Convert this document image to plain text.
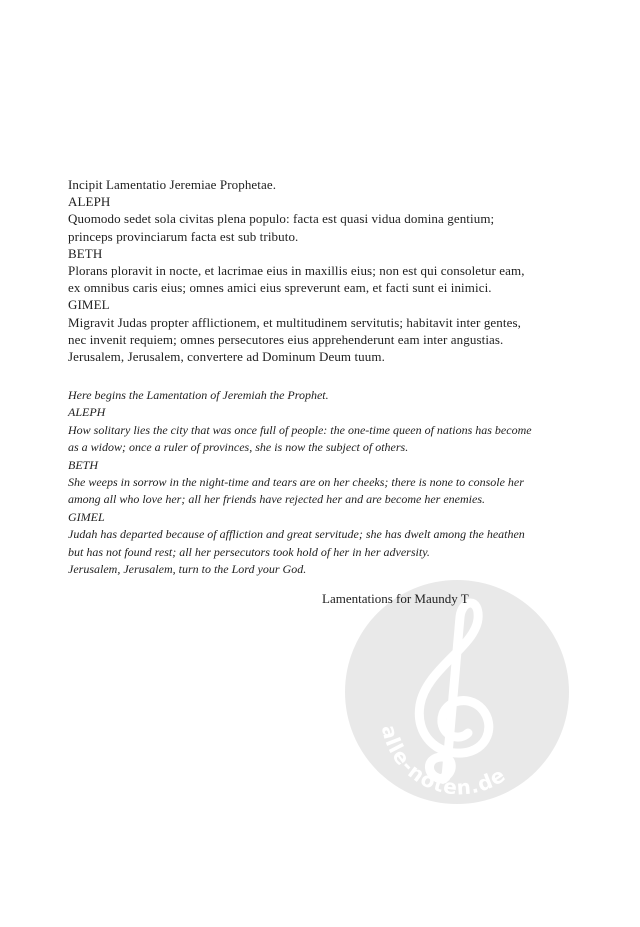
Incipit Lamentatio Jeremiae Prophetae.
ALEPH
Quomodo sedet sola civitas plena populo: facta est quasi vidua domina gentium;
princeps provinciarum facta est sub tributo.
BETH
Plorans ploravit in nocte, et lacrimae eius in maxillis eius; non est qui consoletur eam,
ex omnibus caris eius; omnes amici eius spreverunt eam, et facti sunt ei inimici.
GIMEL
Migravit Judas propter afflictionem, et multitudinem servitutis; habitavit inter gentes,
nec invenit requiem; omnes persecutores eius apprehenderunt eam inter angustias.
Jerusalem, Jerusalem, convertere ad Dominum Deum tuum.
Here begins the Lamentation of Jeremiah the Prophet.
ALEPH
How solitary lies the city that was once full of people: the one-time queen of nations has become
as a widow; once a ruler of provinces, she is now the subject of others.
BETH
She weeps in sorrow in the night-time and tears are on her cheeks; there is none to console her
among all who love her; all her friends have rejected her and are become her enemies.
GIMEL
Judah has departed because of affliction and great servitude; she has dwelt among the heathen
but has not found rest; all her persecutors took hold of her in her adversity.
Jerusalem, Jerusalem, turn to the Lord your God.
alle-noten.de
Lamentations for Maundy T
